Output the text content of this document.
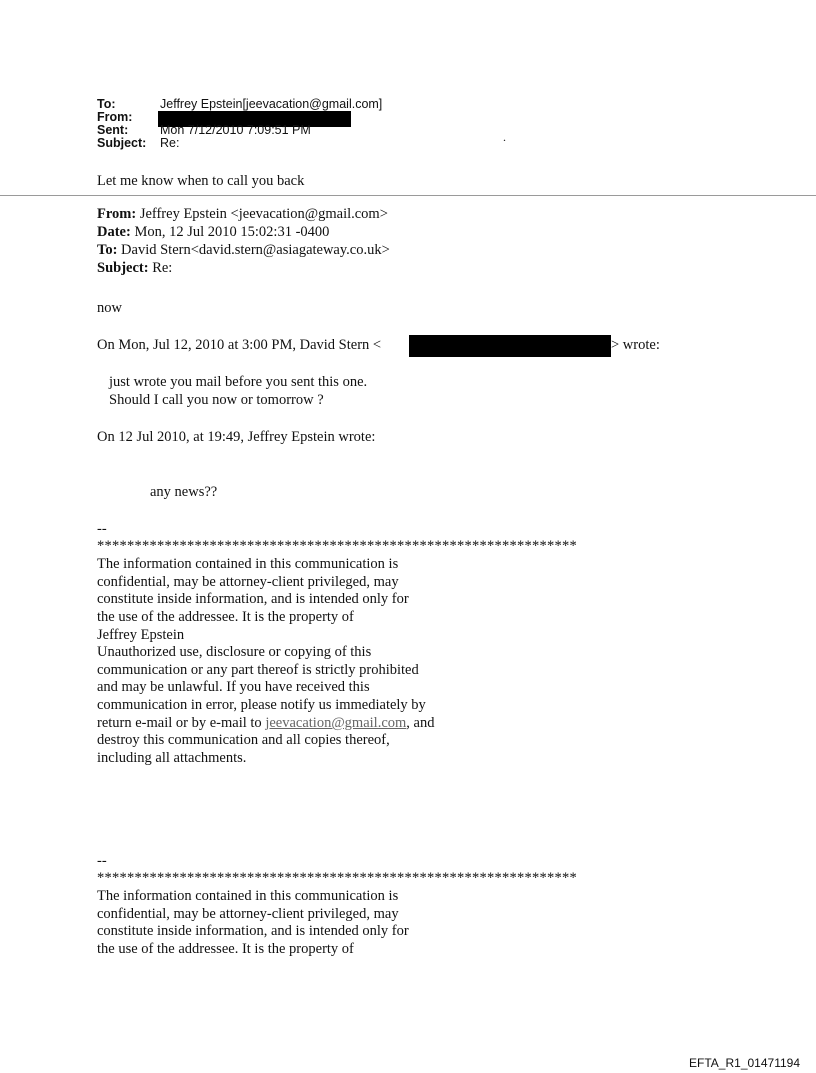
To:	Jeffrey Epstein[jeevacation@gmail.com]
From:
Sent:	Mon 7/12/2010 7:09:51 PM	.
Subject: Re:
Let me know when to call you back
From: Jeffrey Epstein <jeevacation@gmail.com>
Date: Mon, 12 Jul 2010 15:02:31 -0400
To: David Stern<david.stern@asiagateway.co.uk>
Subject: Re:
now
On Mon, Jul 12, 2010 at 3:00 PM, David Stern <	> wrote:
just wrote you mail before you sent this one.
Should I call you now or tomorrow ?
On 12 Jul 2010, at 19:49, Jeffrey Epstein wrote:
any news??
--
****************************************************************
The information contained in this communication is
confidential, may be attorney-client privileged, may
constitute inside information, and is intended only for
the use of the addressee. It is the property of
Jeffrey Epstein
Unauthorized use, disclosure or copying of this
communication or any part thereof is strictly prohibited
and may be unlawful. If you have received this
communication in error, please notify us immediately by
return e-mail or by e-mail to jeevacation@gmail.com, and
destroy this communication and all copies thereof,
including all attachments.
--
****************************************************************
The information contained in this communication is
confidential, may be attorney-client privileged, may
constitute inside information, and is intended only for
the use of the addressee. It is the property of
EFTA_R1_01471194
